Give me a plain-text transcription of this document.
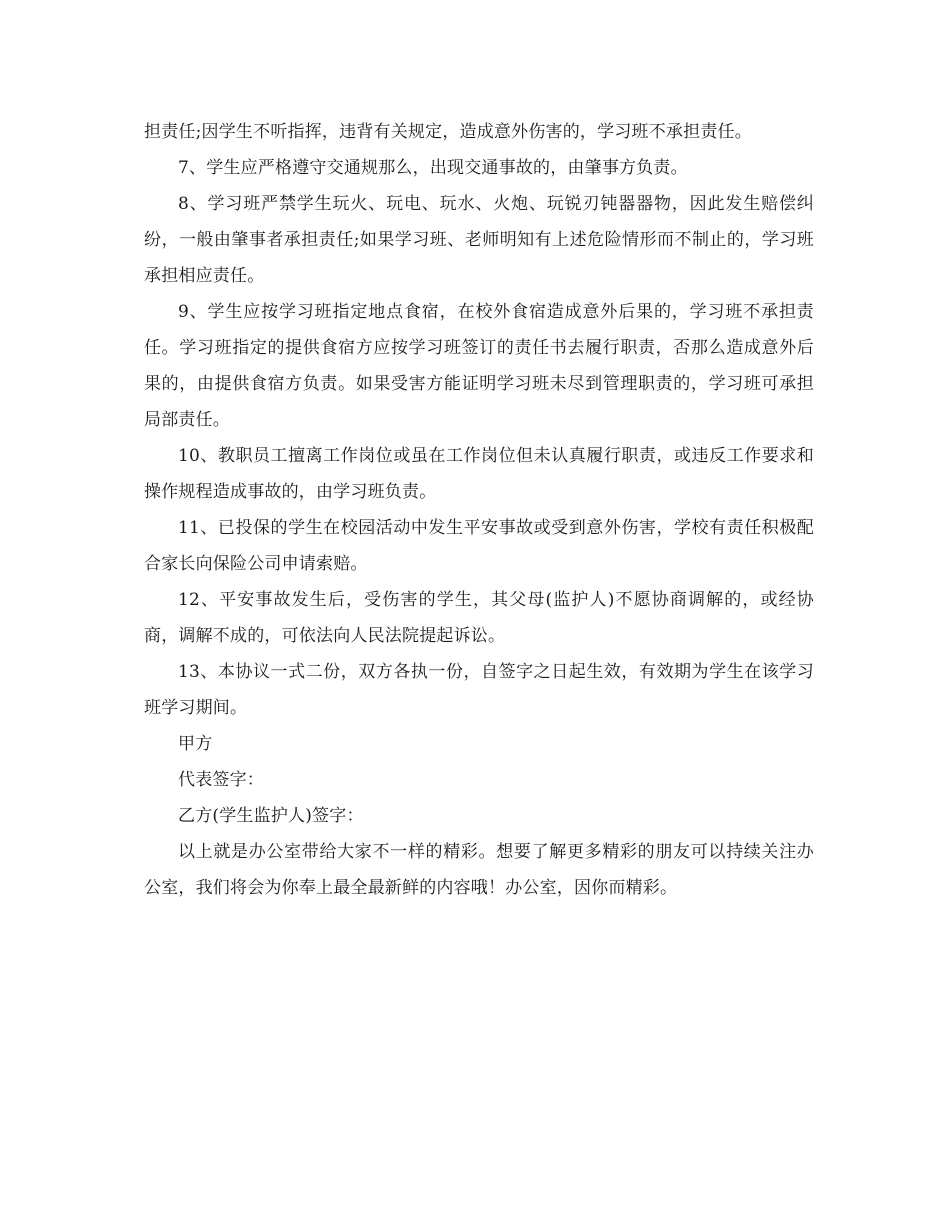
担责任;因学生不听指挥，违背有关规定，造成意外伤害的，学习班不承担责任。

7、学生应严格遵守交通规那么，出现交通事故的，由肇事方负责。

8、学习班严禁学生玩火、玩电、玩水、火炮、玩锐刃钝器器物，因此发生赔偿纠纷，一般由肇事者承担责任;如果学习班、老师明知有上述危险情形而不制止的，学习班承担相应责任。

9、学生应按学习班指定地点食宿，在校外食宿造成意外后果的，学习班不承担责任。学习班指定的提供食宿方应按学习班签订的责任书去履行职责，否那么造成意外后果的，由提供食宿方负责。如果受害方能证明学习班未尽到管理职责的，学习班可承担局部责任。

10、教职员工擅离工作岗位或虽在工作岗位但未认真履行职责，或违反工作要求和操作规程造成事故的，由学习班负责。

11、已投保的学生在校园活动中发生平安事故或受到意外伤害，学校有责任积极配合家长向保险公司申请索赔。

12、平安事故发生后，受伤害的学生，其父母(监护人)不愿协商调解的，或经协商，调解不成的，可依法向人民法院提起诉讼。

13、本协议一式二份，双方各执一份，自签字之日起生效，有效期为学生在该学习班学习期间。

甲方

代表签字：

乙方(学生监护人)签字：

以上就是办公室带给大家不一样的精彩。想要了解更多精彩的朋友可以持续关注办公室，我们将会为你奉上最全最新鲜的内容哦！办公室，因你而精彩。
